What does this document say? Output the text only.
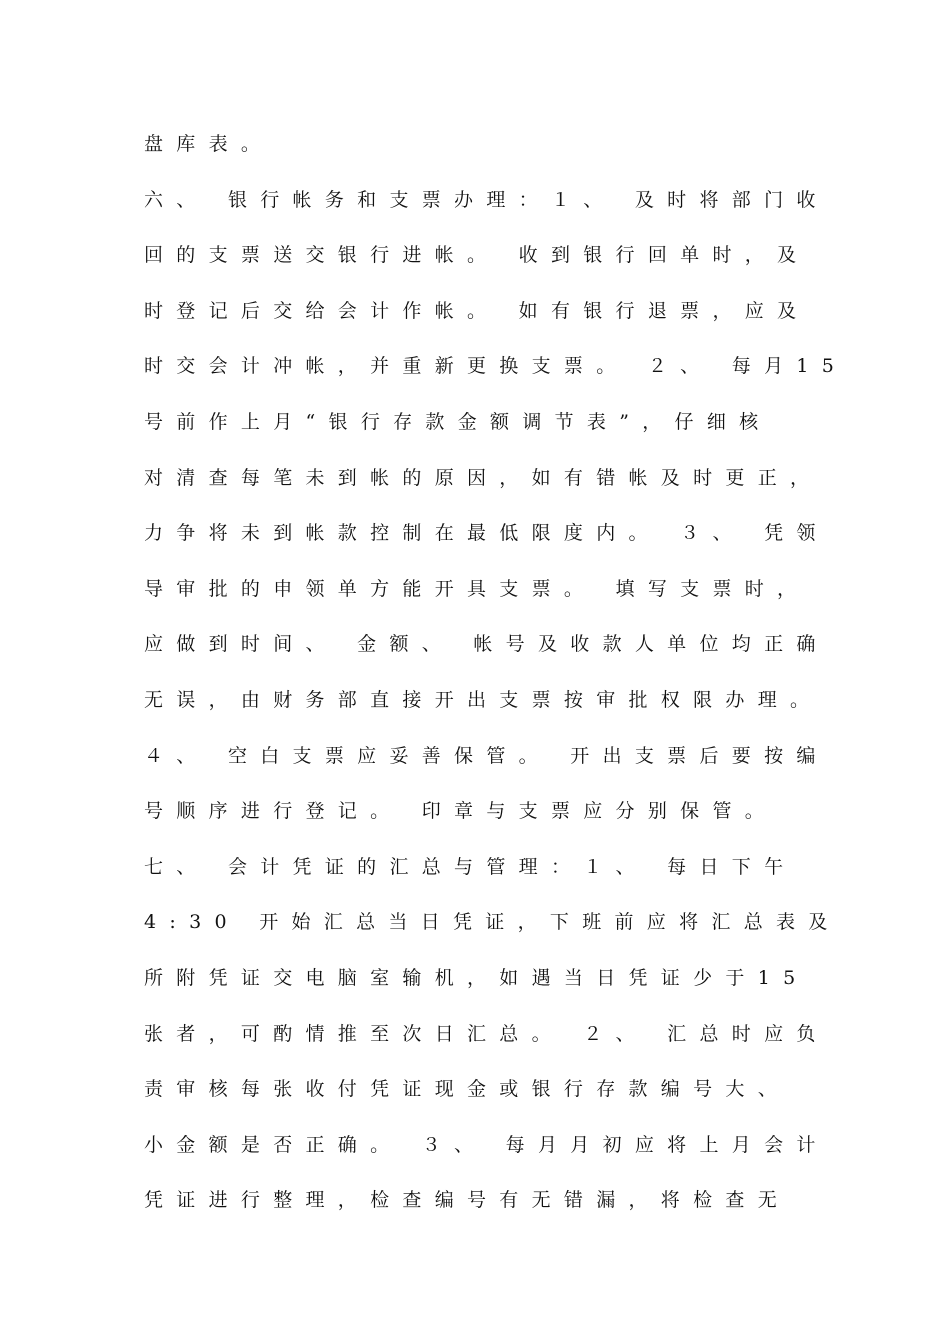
盘库表。
六、 银行帐务和支票办理：１、 及时将部门收
回的支票送交银行进帐。 收到银行回单时，及
时登记后交给会计作帐。 如有银行退票，应及
时交会计冲帐，并重新更换支票。 ２、 每月15
号前作上月“银行存款金额调节表”，仔细核
对清查每笔未到帐的原因，如有错帐及时更正，
力争将未到帐款控制在最低限度内。 ３、 凭领
导审批的申领单方能开具支票。 填写支票时，
应做到时间、 金额、 帐号及收款人单位均正确
无误，由财务部直接开出支票按审批权限办理。
４、 空白支票应妥善保管。 开出支票后要按编
号顺序进行登记。 印章与支票应分别保管。
七、 会计凭证的汇总与管理：１、 每日下午
4:30 开始汇总当日凭证，下班前应将汇总表及
所附凭证交电脑室输机，如遇当日凭证少于15
张者，可酌情推至次日汇总。 ２、 汇总时应负
责审核每张收付凭证现金或银行存款编号大、
小金额是否正确。 ３、 每月月初应将上月会计
凭证进行整理，检查编号有无错漏，将检查无
